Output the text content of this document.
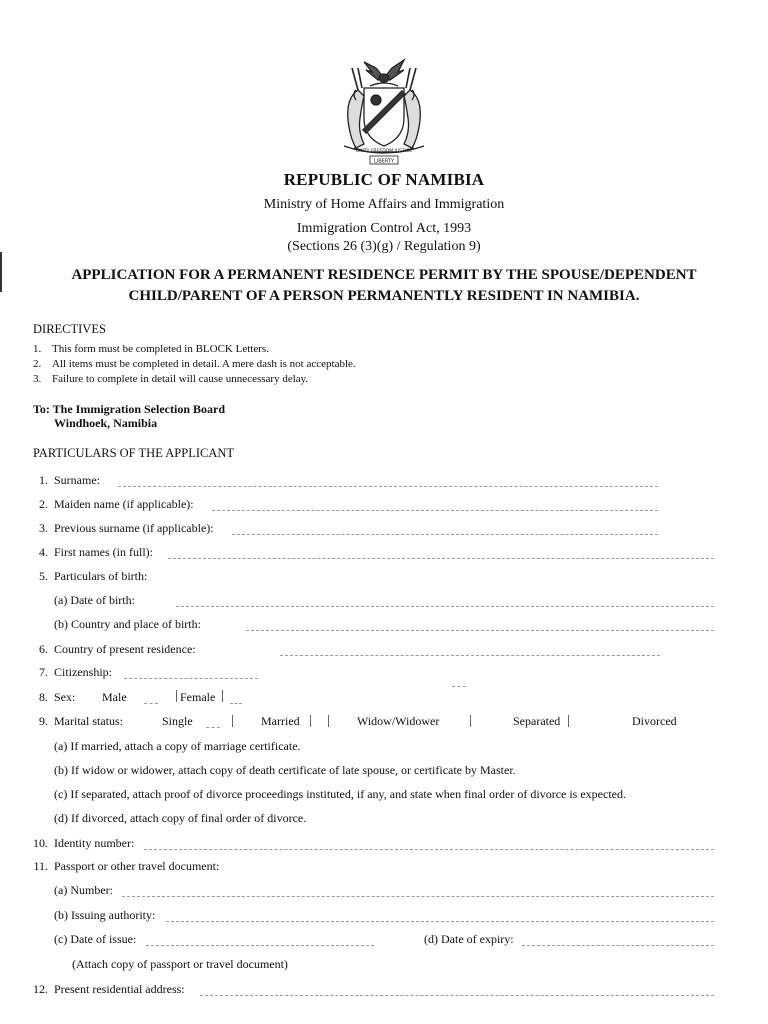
UNITY FREEDOM JUSTICE
LIBERTY
REPUBLIC OF NAMIBIA
Ministry of Home Affairs and Immigration
Immigration Control Act, 1993
(Sections 26 (3)(g) / Regulation 9)
APPLICATION FOR A PERMANENT RESIDENCE PERMIT BY THE SPOUSE/DEPENDENT
CHILD/PARENT OF A PERSON PERMANENTLY RESIDENT IN NAMIBIA.
DIRECTIVES
1. This form must be completed in BLOCK Letters.
2. All items must be completed in detail. A mere dash is not acceptable.
3. Failure to complete in detail will cause unnecessary delay.
To: The Immigration Selection Board
Windhoek, Namibia
PARTICULARS OF THE APPLICANT
1. Surname:
2. Maiden name (if applicable):
3. Previous surname (if applicable):
4. First names (in full):
5. Particulars of birth:
(a) Date of birth:
(b) Country and place of birth:
6. Country of present residence:
7. Citizenship:
8. Sex: Male	Female
9. Marital status:	Single	Married	Widow/Widower	Separated	Divorced
(a) If married, attach a copy of marriage certificate.
(b) If widow or widower, attach copy of death certificate of late spouse, or certificate by Master.
(c) If separated, attach proof of divorce proceedings instituted, if any, and state when final order of divorce is expected.
(d) If divorced, attach copy of final order of divorce.
10. Identity number:
11. Passport or other travel document:
(a) Number:
(b) Issuing authority:
(c) Date of issue:	(d) Date of expiry:
(Attach copy of passport or travel document)
12. Present residential address:
